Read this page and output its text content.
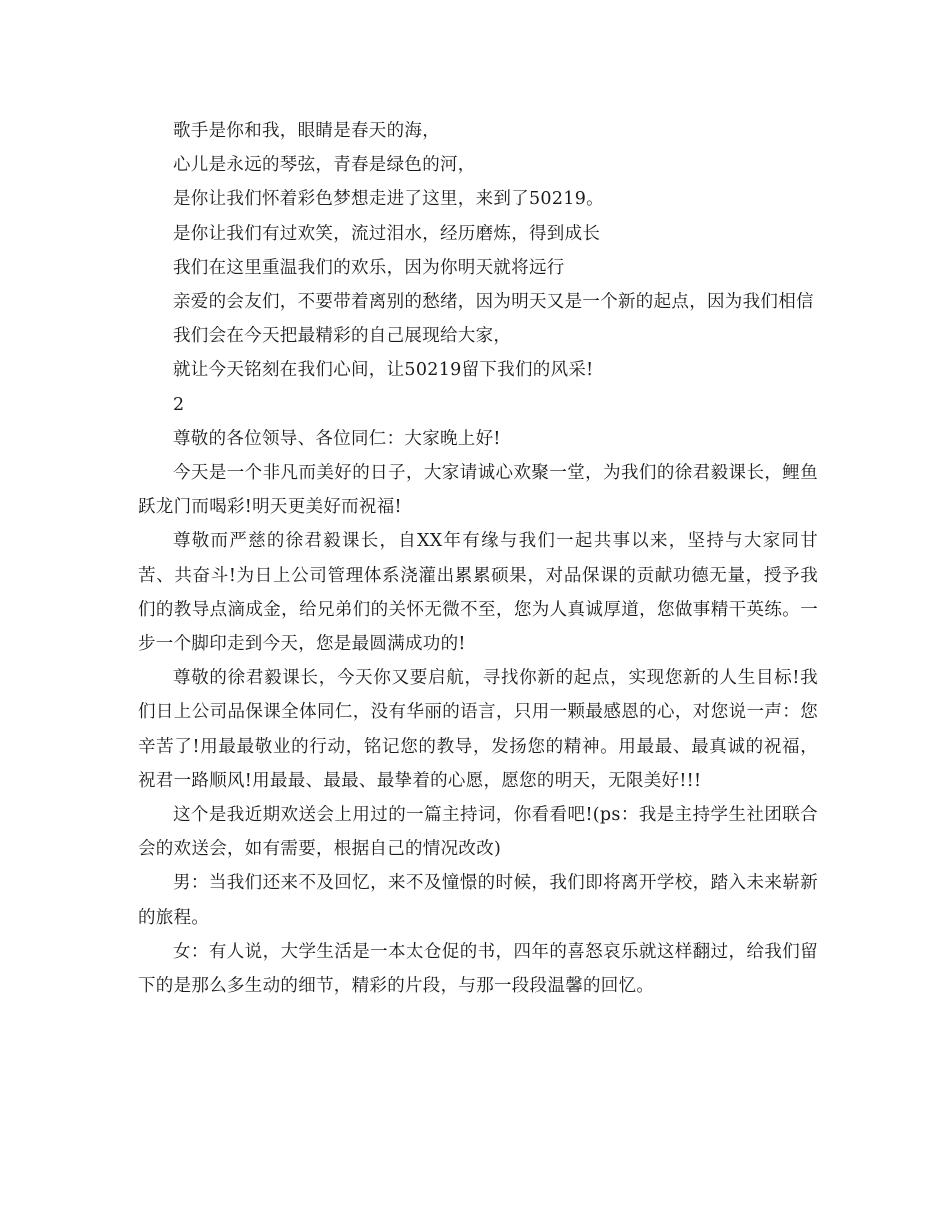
歌手是你和我，眼睛是春天的海，

心儿是永远的琴弦，青春是绿色的河，

是你让我们怀着彩色梦想走进了这里，来到了50219。

是你让我们有过欢笑，流过泪水，经历磨炼，得到成长

我们在这里重温我们的欢乐，因为你明天就将远行

亲爱的会友们，不要带着离别的愁绪，因为明天又是一个新的起点，因为我们相信

我们会在今天把最精彩的自己展现给大家，

就让今天铭刻在我们心间，让50219留下我们的风采!

2

尊敬的各位领导、各位同仁：大家晚上好!

今天是一个非凡而美好的日子，大家请诚心欢聚一堂，为我们的徐君毅课长，鲤鱼跃龙门而喝彩!明天更美好而祝福!

尊敬而严慈的徐君毅课长，自XX年有缘与我们一起共事以来，坚持与大家同甘苦、共奋斗!为日上公司管理体系浇灌出累累硕果，对品保课的贡献功德无量，授予我们的教导点滴成金，给兄弟们的关怀无微不至，您为人真诚厚道，您做事精干英练。一步一个脚印走到今天，您是最圆满成功的!

尊敬的徐君毅课长，今天你又要启航，寻找你新的起点，实现您新的人生目标!我们日上公司品保课全体同仁，没有华丽的语言，只用一颗最感恩的心，对您说一声：您辛苦了!用最最敬业的行动，铭记您的教导，发扬您的精神。用最最、最真诚的祝福，祝君一路顺风!用最最、最最、最挚着的心愿，愿您的明天，无限美好!!!

这个是我近期欢送会上用过的一篇主持词，你看看吧!(ps：我是主持学生社团联合会的欢送会，如有需要，根据自己的情况改改)

男：当我们还来不及回忆，来不及憧憬的时候，我们即将离开学校，踏入未来崭新的旅程。

女：有人说，大学生活是一本太仓促的书，四年的喜怒哀乐就这样翻过，给我们留下的是那么多生动的细节，精彩的片段，与那一段段温馨的回忆。
